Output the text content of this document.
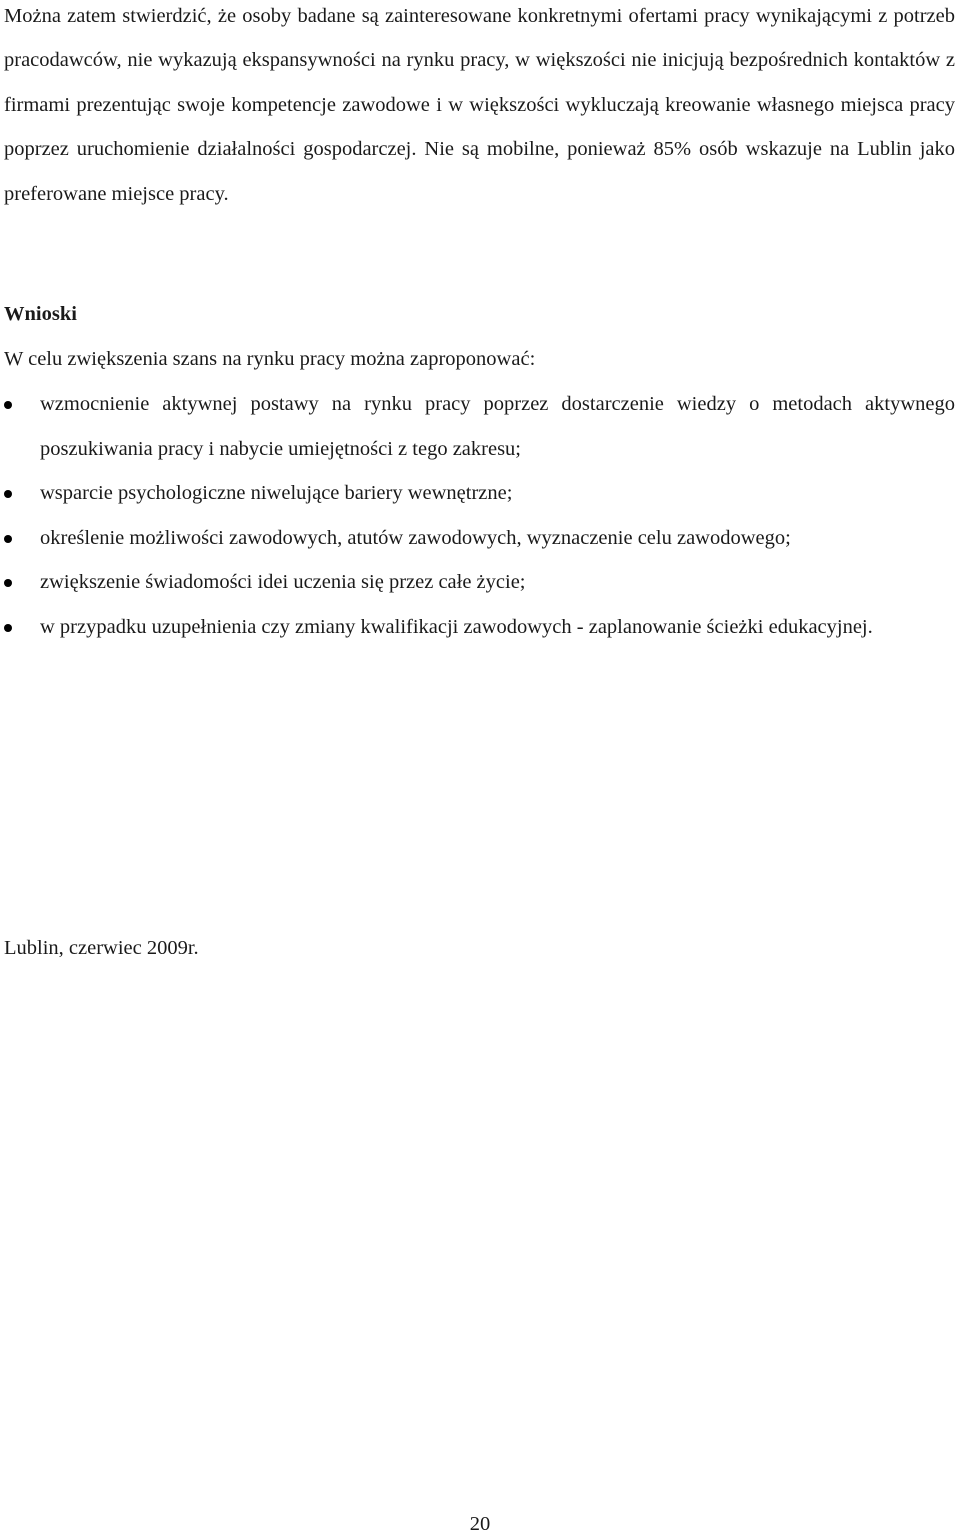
Można zatem stwierdzić, że osoby badane są zainteresowane konkretnymi ofertami pracy wynikającymi z potrzeb pracodawców, nie wykazują ekspansywności na rynku pracy, w większości nie inicjują bezpośrednich kontaktów z firmami prezentując swoje kompetencje zawodowe i w większości wykluczają kreowanie własnego miejsca pracy poprzez uruchomienie działalności gospodarczej. Nie są mobilne, ponieważ 85% osób wskazuje na Lublin jako preferowane miejsce pracy.

Wnioski

W celu zwiększenia szans na rynku pracy można zaproponować:

wzmocnienie aktywnej postawy na rynku pracy poprzez dostarczenie wiedzy o metodach aktywnego poszukiwania pracy i nabycie umiejętności z tego zakresu;
wsparcie psychologiczne niwelujące bariery wewnętrzne;
określenie możliwości zawodowych, atutów zawodowych, wyznaczenie celu zawodowego;
zwiększenie świadomości idei uczenia się przez całe życie;
w przypadku uzupełnienia czy zmiany kwalifikacji zawodowych - zaplanowanie ścieżki edukacyjnej.

Lublin, czerwiec 2009r.

20
